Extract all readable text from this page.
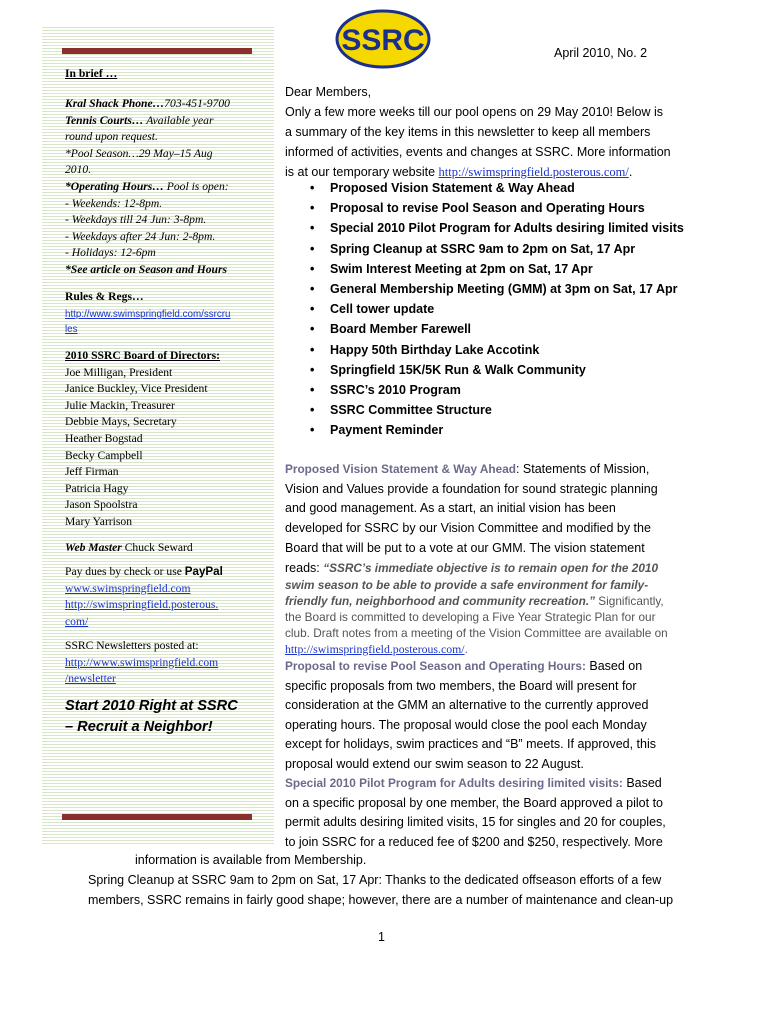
SSRC	April 2010, No. 2
In brief …
Kral Shack Phone…703-451-9700
Tennis Courts… Available year
round upon request.
*Pool Season…29 May–15 Aug
2010.
*Operating Hours… Pool is open:
- Weekends: 12-8pm.
- Weekdays till 24 Jun: 3-8pm.
- Weekdays after 24 Jun: 2-8pm.
- Holidays: 12-6pm
*See article on Season and Hours
Rules & Regs…
http://www.swimspringfield.com/ssrcru
les
2010 SSRC Board of Directors:
Joe Milligan, President
Janice Buckley, Vice President
Julie Mackin, Treasurer
Debbie Mays, Secretary
Heather Bogstad
Becky Campbell
Jeff Firman
Patricia Hagy
Jason Spoolstra
Mary Yarrison
Web Master Chuck Seward
Pay dues by check or use PayPal
www.swimspringfield.com
http://swimspringfield.posterous.
com/
SSRC Newsletters posted at:
http://www.swimspringfield.com
/newsletter
Start 2010 Right at SSRC
– Recruit a Neighbor!
Dear Members,
Only a few more weeks till our pool opens on 29 May 2010! Below is
a summary of the key items in this newsletter to keep all members
informed of activities, events and changes at SSRC. More information
is at our temporary website http://swimspringfield.posterous.com/.
• Proposed Vision Statement & Way Ahead
• Proposal to revise Pool Season and Operating Hours
• Special 2010 Pilot Program for Adults desiring limited visits
• Spring Cleanup at SSRC 9am to 2pm on Sat, 17 Apr
• Swim Interest Meeting at 2pm on Sat, 17 Apr
• General Membership Meeting (GMM) at 3pm on Sat, 17 Apr
• Cell tower update
• Board Member Farewell
• Happy 50th Birthday Lake Accotink
• Springfield 15K/5K Run & Walk Community
• SSRC’s 2010 Program
• SSRC Committee Structure
• Payment Reminder
Proposed Vision Statement & Way Ahead: Statements of Mission,
Vision and Values provide a foundation for sound strategic planning
and good management. As a start, an initial vision has been
developed for SSRC by our Vision Committee and modified by the
Board that will be put to a vote at our GMM. The vision statement
reads: “SSRC’s immediate objective is to remain open for the 2010
swim season to be able to provide a safe environment for family-
friendly fun, neighborhood and community recreation.” Significantly,
the Board is committed to developing a Five Year Strategic Plan for our
club. Draft notes from a meeting of the Vision Committee are available on
http://swimspringfield.posterous.com/.
Proposal to revise Pool Season and Operating Hours: Based on
specific proposals from two members, the Board will present for
consideration at the GMM an alternative to the currently approved
operating hours. The proposal would close the pool each Monday
except for holidays, swim practices and “B” meets. If approved, this
proposal would extend our swim season to 22 August.
Special 2010 Pilot Program for Adults desiring limited visits: Based
on a specific proposal by one member, the Board approved a pilot to
permit adults desiring limited visits, 15 for singles and 20 for couples,
to join SSRC for a reduced fee of $200 and $250, respectively. More
information is available from Membership.
Spring Cleanup at SSRC 9am to 2pm on Sat, 17 Apr: Thanks to the dedicated offseason efforts of a few
members, SSRC remains in fairly good shape; however, there are a number of maintenance and clean-up
1
